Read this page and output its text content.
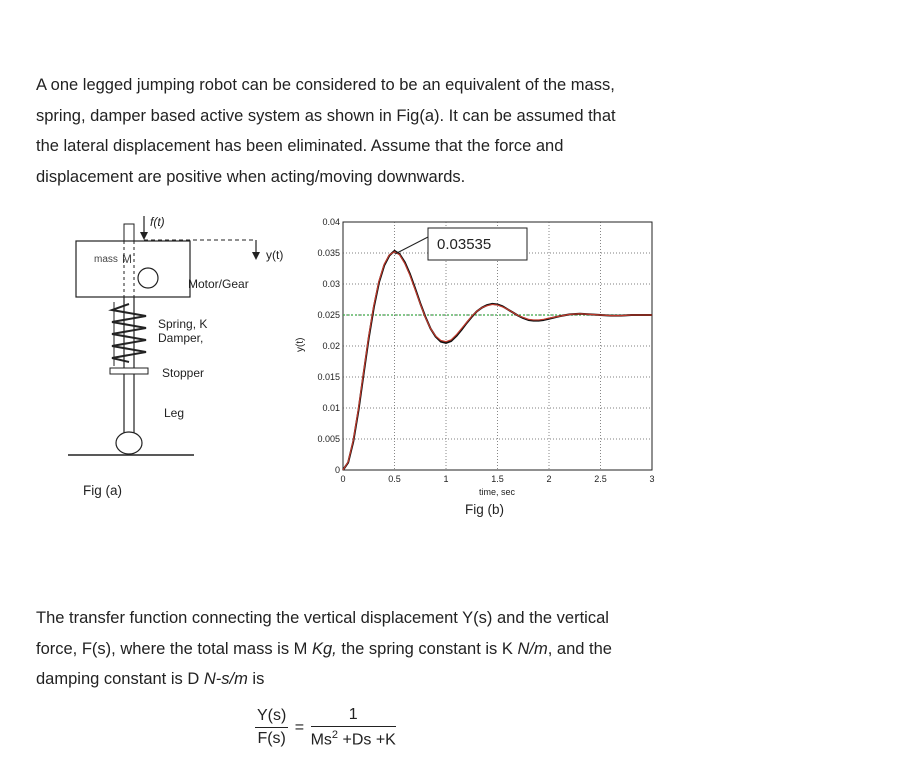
A one legged jumping robot can be considered to be an equivalent of the mass,
spring, damper based active system as shown in Fig(a). It can be assumed that
the lateral displacement has been eliminated. Assume that the force and
displacement are positive when acting/moving downwards.
f(t)
y(t)
mass M
Motor/Gear
Spring, K
Damper,
Stopper
Leg
Fig (a)
0	0.5	1	1.5	2	2.5	3
0
0.005
0.01
0.015
0.02
0.025
0.03
0.035
0.04
y(t)
time, sec
0.03535
Fig (b)
The transfer function connecting the vertical displacement Y(s) and the vertical
force, F(s), where the total mass is M Kg, the spring constant is K N/m, and the
damping constant is D N-s/m is
$\frac{Y(s)}{F(s)} = \frac{1}{Ms^2 +Ds +K}$
